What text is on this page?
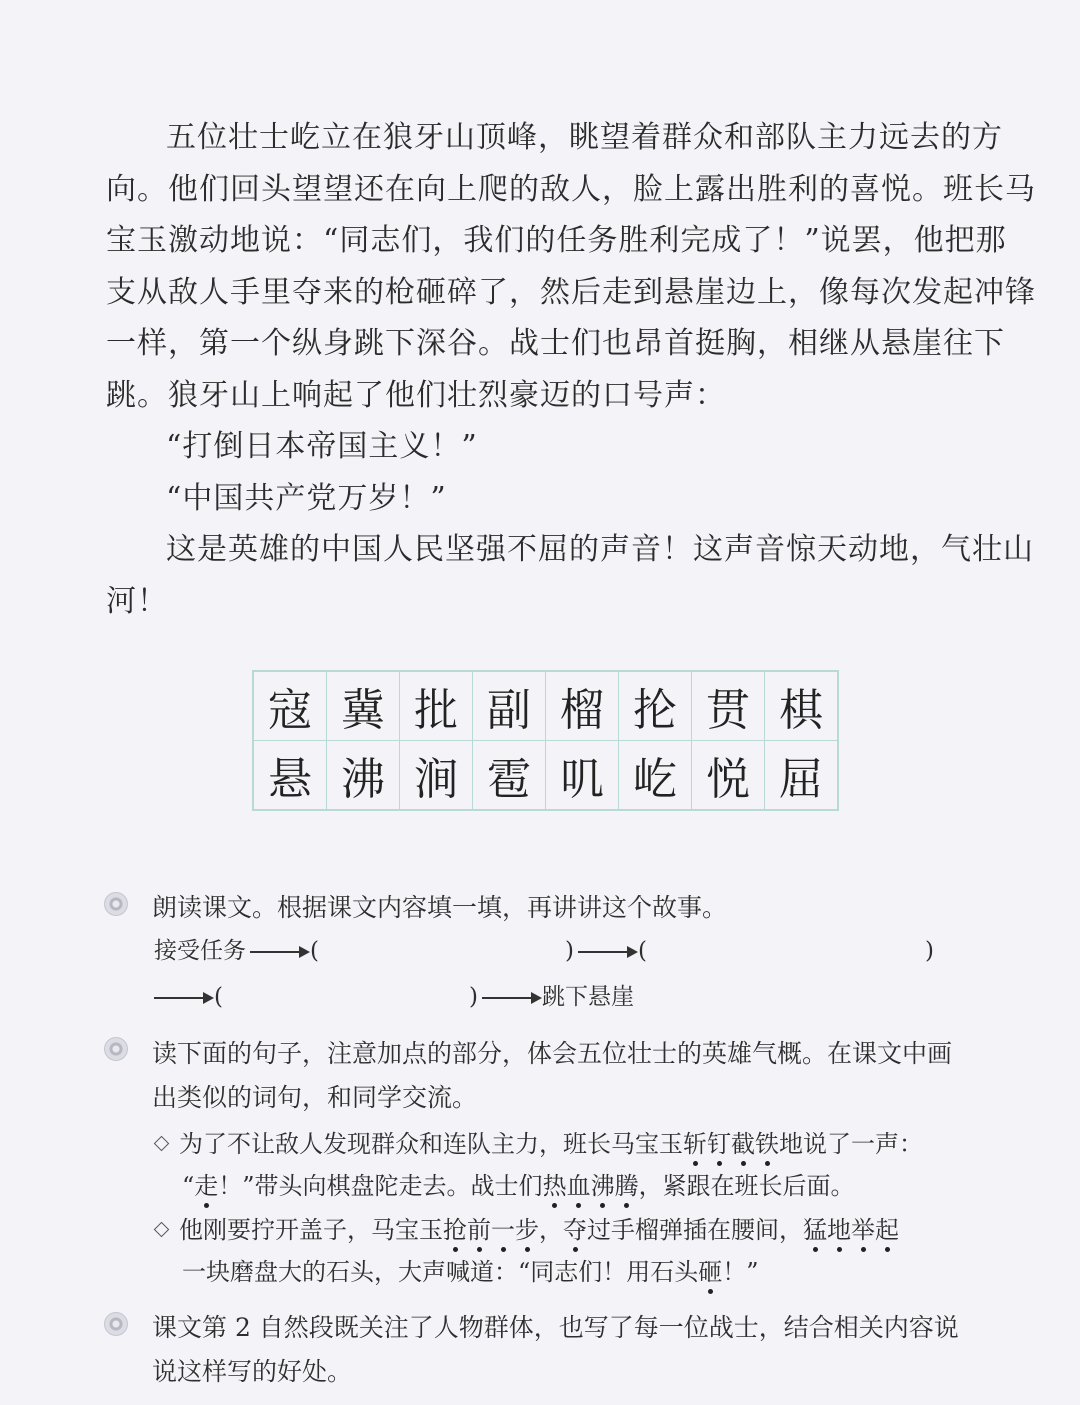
五位壮士屹立在狼牙山顶峰，眺望着群众和部队主力远去的方向。他们回头望望还在向上爬的敌人，脸上露出胜利的喜悦。班长马宝玉激动地说：“同志们，我们的任务胜利完成了！”说罢，他把那支从敌人手里夺来的枪砸碎了，然后走到悬崖边上，像每次发起冲锋一样，第一个纵身跳下深谷。战士们也昂首挺胸，相继从悬崖往下跳。狼牙山上响起了他们壮烈豪迈的口号声：

“打倒日本帝国主义！”

“中国共产党万岁！”

这是英雄的中国人民坚强不屈的声音！这声音惊天动地，气壮山河！

寇	冀	批	副	榴	抡	贯	棋
悬	沸	涧	雹	叽	屹	悦	屈
朗读课文。根据课文内容填一填，再讲讲这个故事。
接受任务	(	)	(	)
(	)	跳下悬崖
读下面的句子，注意加点的部分，体会五位壮士的英雄气概。在课文中画
出类似的词句，和同学交流。
为了不让敌人发现群众和连队主力，班长马宝玉斩钉截铁地说了一声：
“走！”带头向棋盘陀走去。战士们热血沸腾，紧跟在班长后面。
他刚要拧开盖子，马宝玉抢前一步，夺过手榴弹插在腰间，猛地举起
一块磨盘大的石头，大声喊道：“同志们！用石头砸！”
课文第 2 自然段既关注了人物群体，也写了每一位战士，结合相关内容说
说这样写的好处。
